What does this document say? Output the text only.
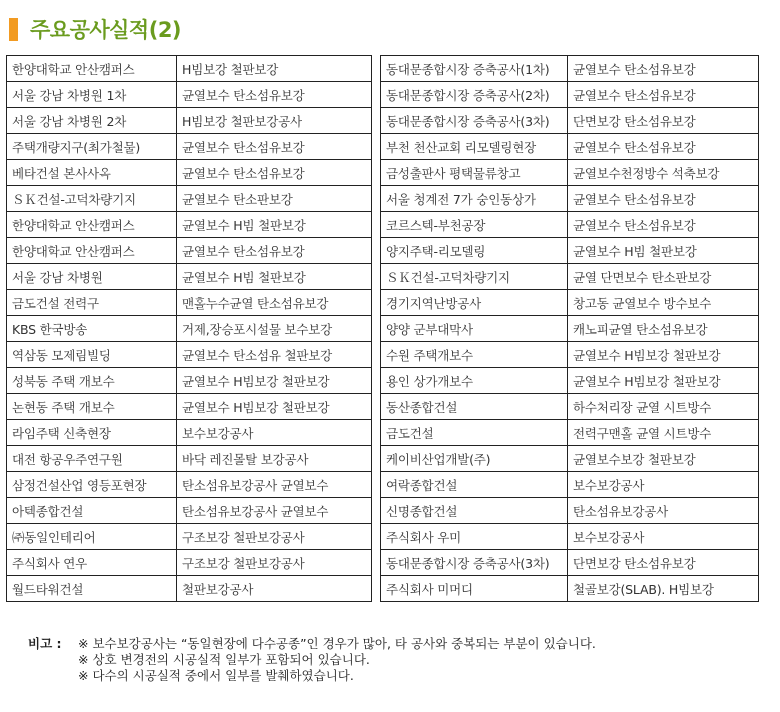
주요공사실적(2)
한양대학교 안산캠퍼스	H빔보강 철판보강
서울 강남 차병원 1차	균열보수 탄소섬유보강
서울 강남 차병원 2차	H빔보강 철판보강공사
주택개량지구(최가철물)	균열보수 탄소섬유보강
베타건설 본사사옥	균열보수 탄소섬유보강
ＳＫ건설-고덕차량기지	균열보수 탄소판보강
한양대학교 안산캠퍼스	균열보수 H빔 철판보강
한양대학교 안산캠퍼스	균열보수 탄소섬유보강
서울 강남 차병원	균열보수 H빔 철판보강
금도건설 전력구	맨홀누수균열 탄소섬유보강
KBS 한국방송	거제,장승포시설물 보수보강
역삼동 모제림빌딩	균열보수 탄소섬유 철판보강
성북동 주택 개보수	균열보수 H빔보강 철판보강
논현동 주택 개보수	균열보수 H빔보강 철판보강
라임주택 신축현장	보수보강공사
대전 항공우주연구원	바닥 레진몰탈 보강공사
삼정건설산업 영등포현장	탄소섬유보강공사 균열보수
아텍종합건설	탄소섬유보강공사 균열보수
㈜동일인테리어	구조보강 철판보강공사
주식회사 연우	구조보강 철판보강공사
월드타워건설	철판보강공사
동대문종합시장 증축공사(1차)	균열보수 탄소섬유보강
동대문종합시장 증축공사(2차)	균열보수 탄소섬유보강
동대문종합시장 증축공사(3차)	단면보강 탄소섬유보강
부천 천산교회 리모델링현장	균열보수 탄소섬유보강
금성출판사 평택물류창고	균열보수천정방수 석축보강
서울 청계전 7가 숭인동상가	균열보수 탄소섬유보강
코르스텍-부천공장	균열보수 탄소섬유보강
양지주택-리모델링	균열보수 H빔 철판보강
ＳＫ건설-고덕차량기지	균열 단면보수 탄소판보강
경기지역난방공사	창고동 균열보수 방수보수
양양 군부대막사	캐노피균열 탄소섬유보강
수원 주택개보수	균열보수 H빔보강 철판보강
용인 상가개보수	균열보수 H빔보강 철판보강
동산종합건설	하수처리장 균열 시트방수
금도건설	전력구맨홀 균열 시트방수
케이비산업개발(주)	균열보수보강 철판보강
여락종합건설	보수보강공사
신명종합건설	탄소섬유보강공사
주식회사 우미	보수보강공사
동대문종합시장 증축공사(3차)	단면보강 탄소섬유보강
주식회사 미머디	철골보강(SLAB). H빔보강
비고 : ※ 보수보강공사는 “동일현장에 다수공종”인 경우가 많아, 타 공사와 중복되는 부분이 있습니다.
※ 상호 변경전의 시공실적 일부가 포함되어 있습니다.
※ 다수의 시공실적 중에서 일부를 발췌하였습니다.
